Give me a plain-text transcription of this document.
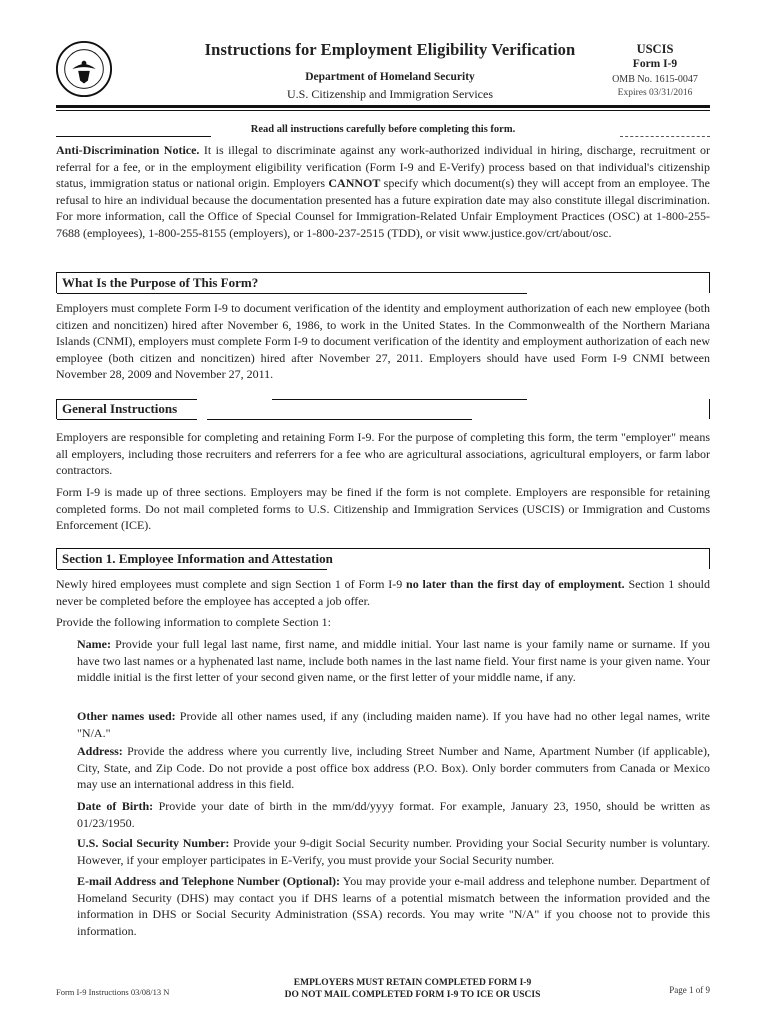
Instructions for Employment Eligibility Verification
Department of Homeland Security
U.S. Citizenship and Immigration Services
USCIS
Form I-9
OMB No. 1615-0047
Expires 03/31/2016
Read all instructions carefully before completing this form.

Anti-Discrimination Notice. It is illegal to discriminate against any work-authorized individual in hiring, discharge, recruitment or referral for a fee, or in the employment eligibility verification (Form I-9 and E-Verify) process based on that individual's citizenship status, immigration status or national origin. Employers CANNOT specify which document(s) they will accept from an employee. The refusal to hire an individual because the documentation presented has a future expiration date may also constitute illegal discrimination. For more information, call the Office of Special Counsel for Immigration-Related Unfair Employment Practices (OSC) at 1-800-255-7688 (employees), 1-800-255-8155 (employers), or 1-800-237-2515 (TDD), or visit www.justice.gov/crt/about/osc.

What Is the Purpose of This Form?

Employers must complete Form I-9 to document verification of the identity and employment authorization of each new employee (both citizen and noncitizen) hired after November 6, 1986, to work in the United States. In the Commonwealth of the Northern Mariana Islands (CNMI), employers must complete Form I-9 to document verification of the identity and employment authorization of each new employee (both citizen and noncitizen) hired after November 27, 2011. Employers should have used Form I-9 CNMI between November 28, 2009 and November 27, 2011.

General Instructions

Employers are responsible for completing and retaining Form I-9. For the purpose of completing this form, the term "employer" means all employers, including those recruiters and referrers for a fee who are agricultural associations, agricultural employers, or farm labor contractors.

Form I-9 is made up of three sections. Employers may be fined if the form is not complete. Employers are responsible for retaining completed forms. Do not mail completed forms to U.S. Citizenship and Immigration Services (USCIS) or Immigration and Customs Enforcement (ICE).

Section 1. Employee Information and Attestation

Newly hired employees must complete and sign Section 1 of Form I-9 no later than the first day of employment. Section 1 should never be completed before the employee has accepted a job offer.

Provide the following information to complete Section 1:

Name: Provide your full legal last name, first name, and middle initial. Your last name is your family name or surname. If you have two last names or a hyphenated last name, include both names in the last name field. Your first name is your given name. Your middle initial is the first letter of your second given name, or the first letter of your middle name, if any.

Other names used: Provide all other names used, if any (including maiden name). If you have had no other legal names, write "N/A."

Address: Provide the address where you currently live, including Street Number and Name, Apartment Number (if applicable), City, State, and Zip Code. Do not provide a post office box address (P.O. Box). Only border commuters from Canada or Mexico may use an international address in this field.

Date of Birth: Provide your date of birth in the mm/dd/yyyy format. For example, January 23, 1950, should be written as 01/23/1950.

U.S. Social Security Number: Provide your 9-digit Social Security number. Providing your Social Security number is voluntary. However, if your employer participates in E-Verify, you must provide your Social Security number.

E-mail Address and Telephone Number (Optional): You may provide your e-mail address and telephone number. Department of Homeland Security (DHS) may contact you if DHS learns of a potential mismatch between the information provided and the information in DHS or Social Security Administration (SSA) records. You may write "N/A" if you choose not to provide this information.

Form I-9 Instructions 03/08/13 N
EMPLOYERS MUST RETAIN COMPLETED FORM I-9
DO NOT MAIL COMPLETED FORM I-9 TO ICE OR USCIS	Page 1 of 9
